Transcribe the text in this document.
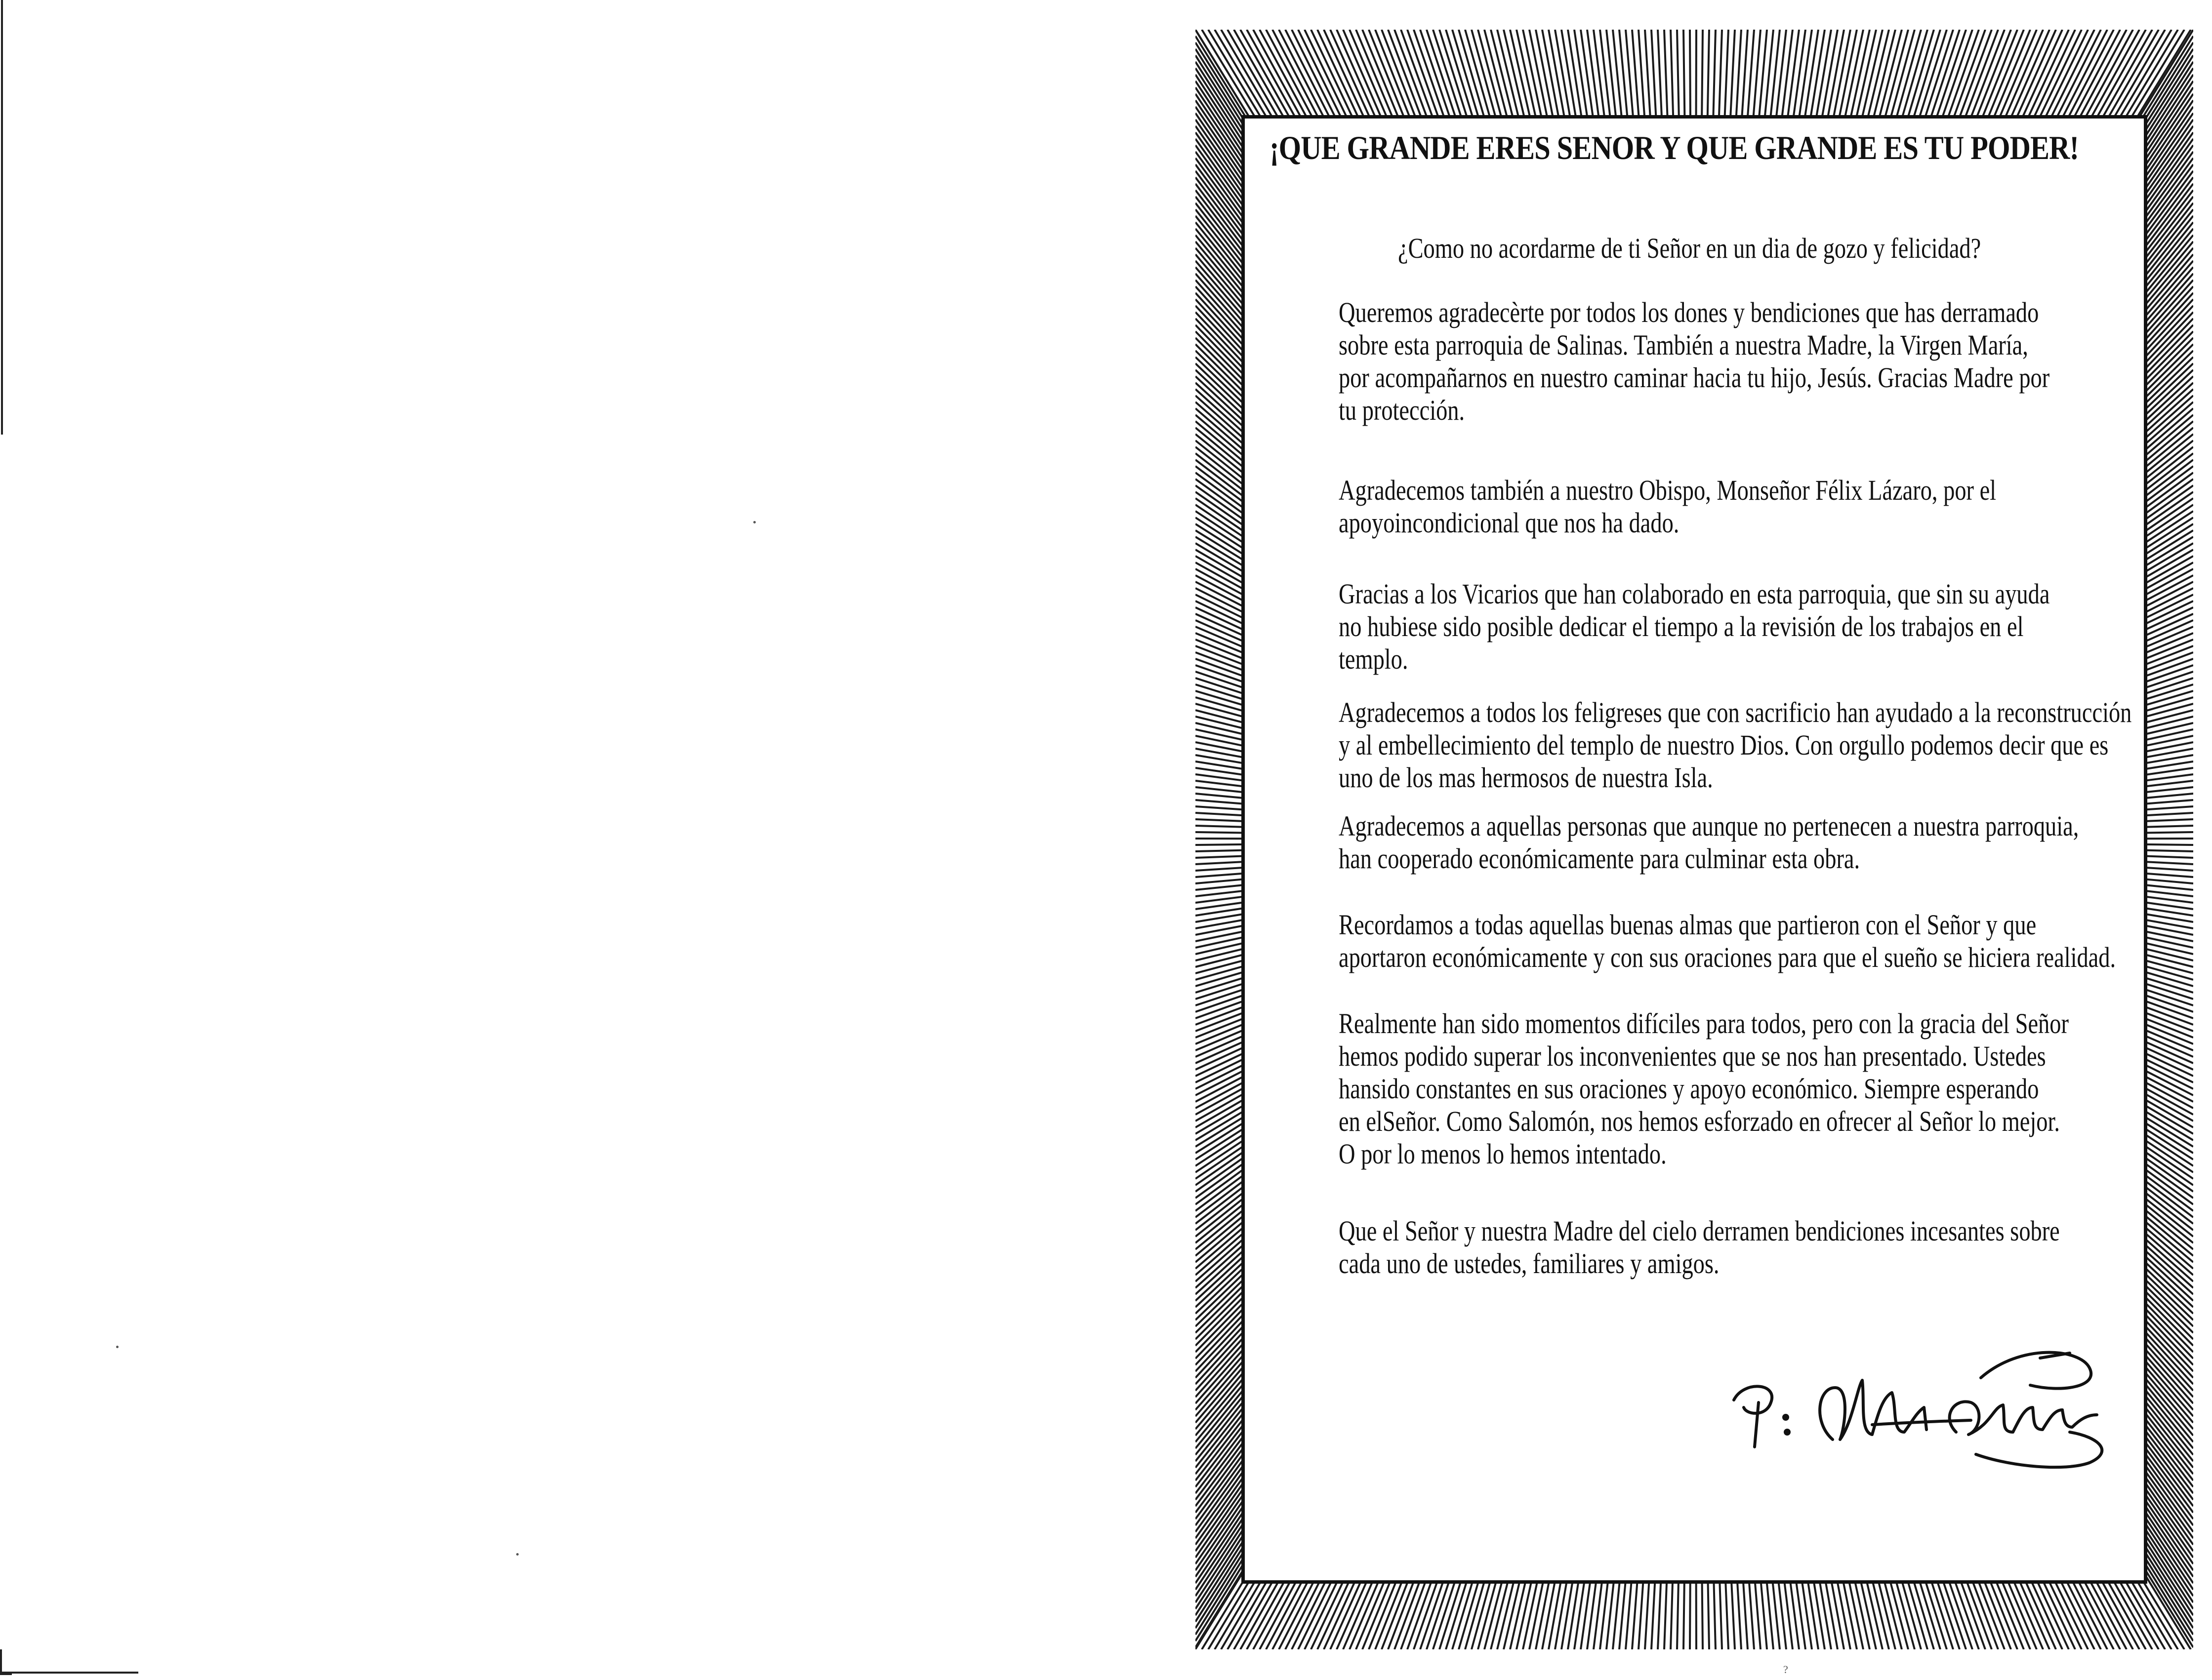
¡QUE GRANDE ERES SENOR Y QUE GRANDE ES TU PODER!

¿Como no acordarme de ti Señor en un dia de gozo y felicidad?

Queremos agradecèrte por todos los dones y bendiciones que has derramado
sobre esta parroquia de Salinas. También a nuestra Madre, la Virgen María,
por acompañarnos en nuestro caminar hacia tu hijo, Jesús. Gracias Madre por
tu protección.

Agradecemos también a nuestro Obispo, Monseñor Félix Lázaro, por el
apoyoincondicional que nos ha dado.

Gracias a los Vicarios que han colaborado en esta parroquia, que sin su ayuda
no hubiese sido posible dedicar el tiempo a la revisión de los trabajos en el
templo.

Agradecemos a todos los feligreses que con sacrificio han ayudado a la reconstrucción
y al embellecimiento del templo de nuestro Dios. Con orgullo podemos decir que es
uno de los mas hermosos de nuestra Isla.

Agradecemos a aquellas personas que aunque no pertenecen a nuestra parroquia,
han cooperado económicamente para culminar esta obra.

Recordamos a todas aquellas buenas almas que partieron con el Señor y que
aportaron económicamente y con sus oraciones para que el sueño se hiciera realidad.

Realmente han sido momentos difíciles para todos, pero con la gracia del Señor
hemos podido superar los inconvenientes que se nos han presentado. Ustedes
hansido constantes en sus oraciones y apoyo económico. Siempre esperando
en elSeñor. Como Salomón, nos hemos esforzado en ofrecer al Señor lo mejor.
O por lo menos lo hemos intentado.

Que el Señor y nuestra Madre del cielo derramen bendiciones incesantes sobre
cada uno de ustedes, familiares y amigos.

?
